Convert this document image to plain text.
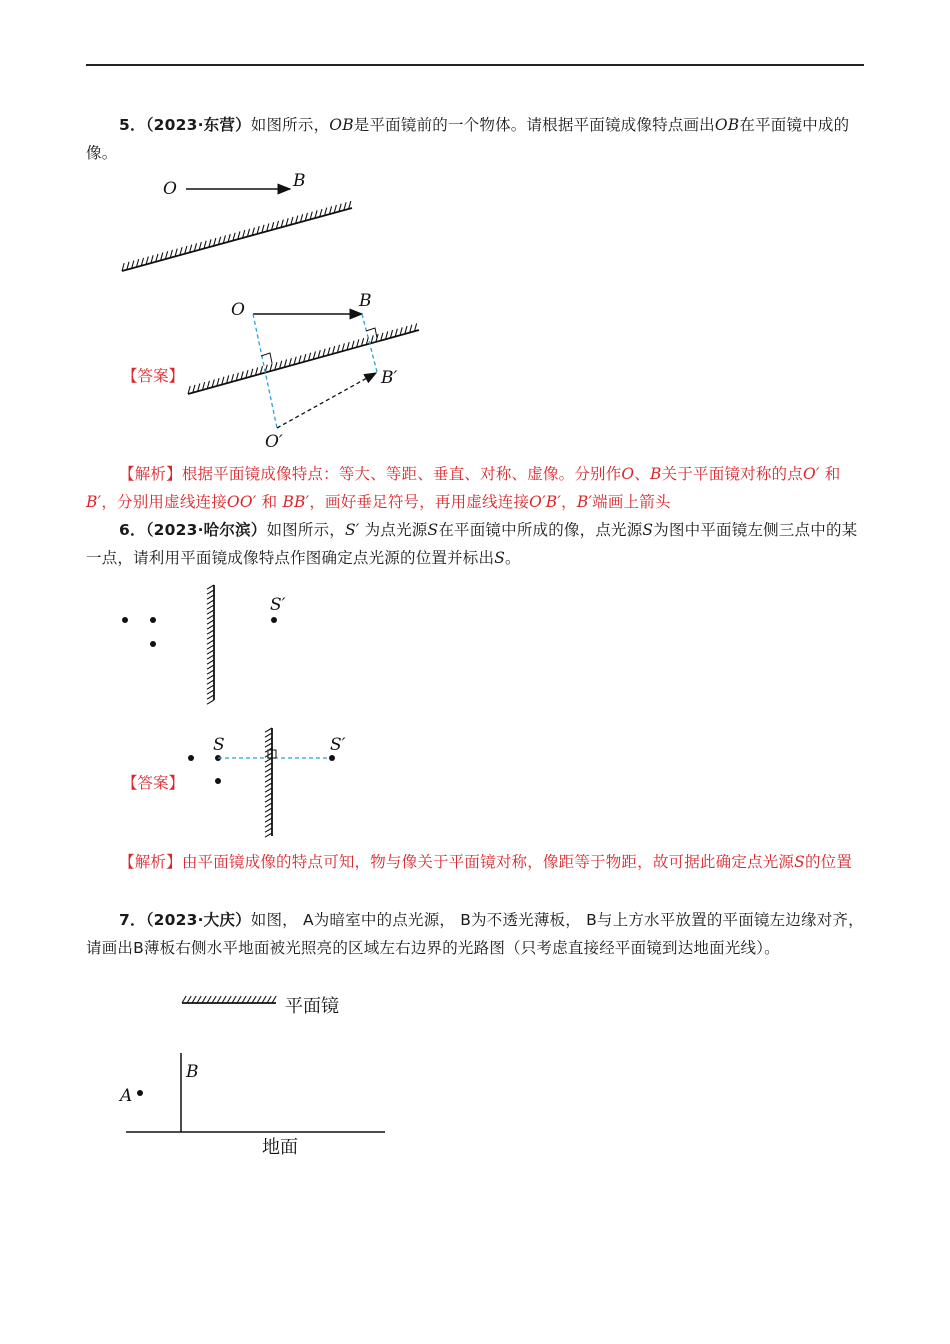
5．（2023·东营）如图所示，OB是平面镜前的一个物体。请根据平面镜成像特点画出OB在平面镜中成的像。
O	B
【答案】
O	B
B′
O′
【解析】根据平面镜成像特点：等大、等距、垂直、对称、虚像。分别作O、B关于平面镜对称的点O′ 和 B′，分别用虚线连接OO′ 和 BB′，画好垂足符号，再用虚线连接O′B′，B′端画上箭头
6．（2023·哈尔滨）如图所示，S′ 为点光源S在平面镜中所成的像，点光源S为图中平面镜左侧三点中的某一点，请利用平面镜成像特点作图确定点光源的位置并标出S。
S′
【答案】
S	S′
【解析】由平面镜成像的特点可知，物与像关于平面镜对称，像距等于物距，故可据此确定点光源S的位置
7．（2023·大庆）如图， A为暗室中的点光源， B为不透光薄板， B与上方水平放置的平面镜左边缘对齐，请画出B薄板右侧水平地面被光照亮的区域左右边界的光路图（只考虑直接经平面镜到达地面光线）。
平面镜
A
B
地面
